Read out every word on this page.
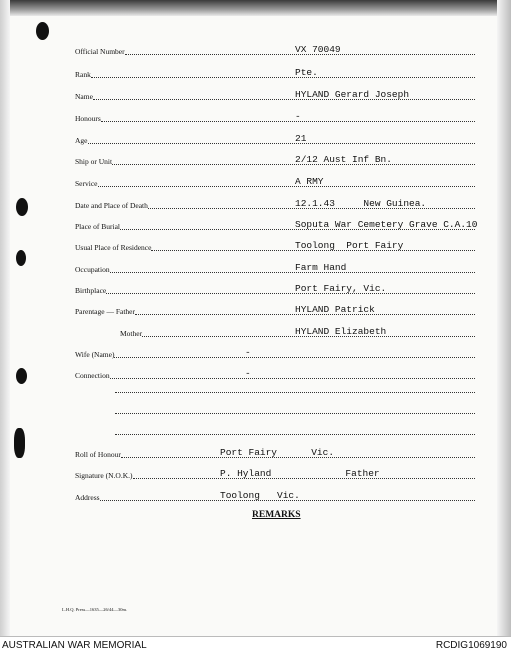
Official Number	VX 70049
Rank	Pte.
Name	HYLAND Gerard Joseph
Honours	-
Age	21
Ship or Unit	2/12 Aust Inf Bn.
Service	A RMY
Date and Place of Death	12.1.43     New Guinea.
Place of Burial	Soputa War Cemetery Grave C.A.10
Usual Place of Residence	Toolong  Port Fairy
Occupation	Farm Hand
Birthplace	Port Fairy, Vic.
Parentage — Father	HYLAND Patrick
Mother	HYLAND Elizabeth
Wife (Name)	-
Connection	-
Roll of Honour	Port Fairy      Vic.
Signature (N.O.K.)	P. Hyland             Father
Address	Toolong   Vic.
REMARKS
L.H.Q. Press—1635—26/44—30m.
AUSTRALIAN WAR MEMORIAL	RCDIG1069190
